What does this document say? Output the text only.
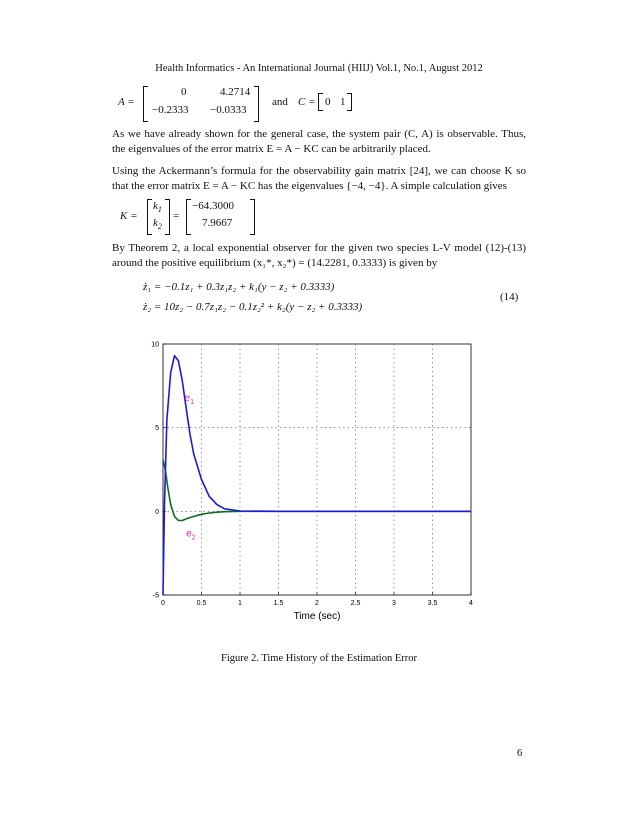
Health Informatics - An International Journal (HIIJ) Vol.1, No.1, August 2012
A =
0	4.2714
−0.2333 −0.0333
and C = 0 1
As we have already shown for the general case, the system pair (C, A) is observable. Thus, the eigenvalues of the error matrix E = A − KC can be arbitrarily placed.
Using the Ackermann’s formula for the observability gain matrix [24], we can choose K so that the error matrix E = A − KC has the eigenvalues {−4, −4}. A simple calculation gives
K =
$k_1$
$k_2$
=
−64.3000
7.9667
By Theorem 2, a local exponential observer for the given two species L-V model (12)-(13) around the positive equilibrium (x₁*, x₂*) = (14.2281, 0.3333) is given by
ż₁ = −0.1z₁ + 0.3z₁z₂ + k₁(y − z₂ + 0.3333)
ż₂ = 10z₂ − 0.7z₁z₂ − 0.1z₂² + k₂(y − z₂ + 0.3333)
(14)
0	0.5	1	1.5	2	2.5	3	3.5	4
-5
0
5
10
Time (sec)
$e_1$
$e_2$
Figure 2. Time History of the Estimation Error
6
